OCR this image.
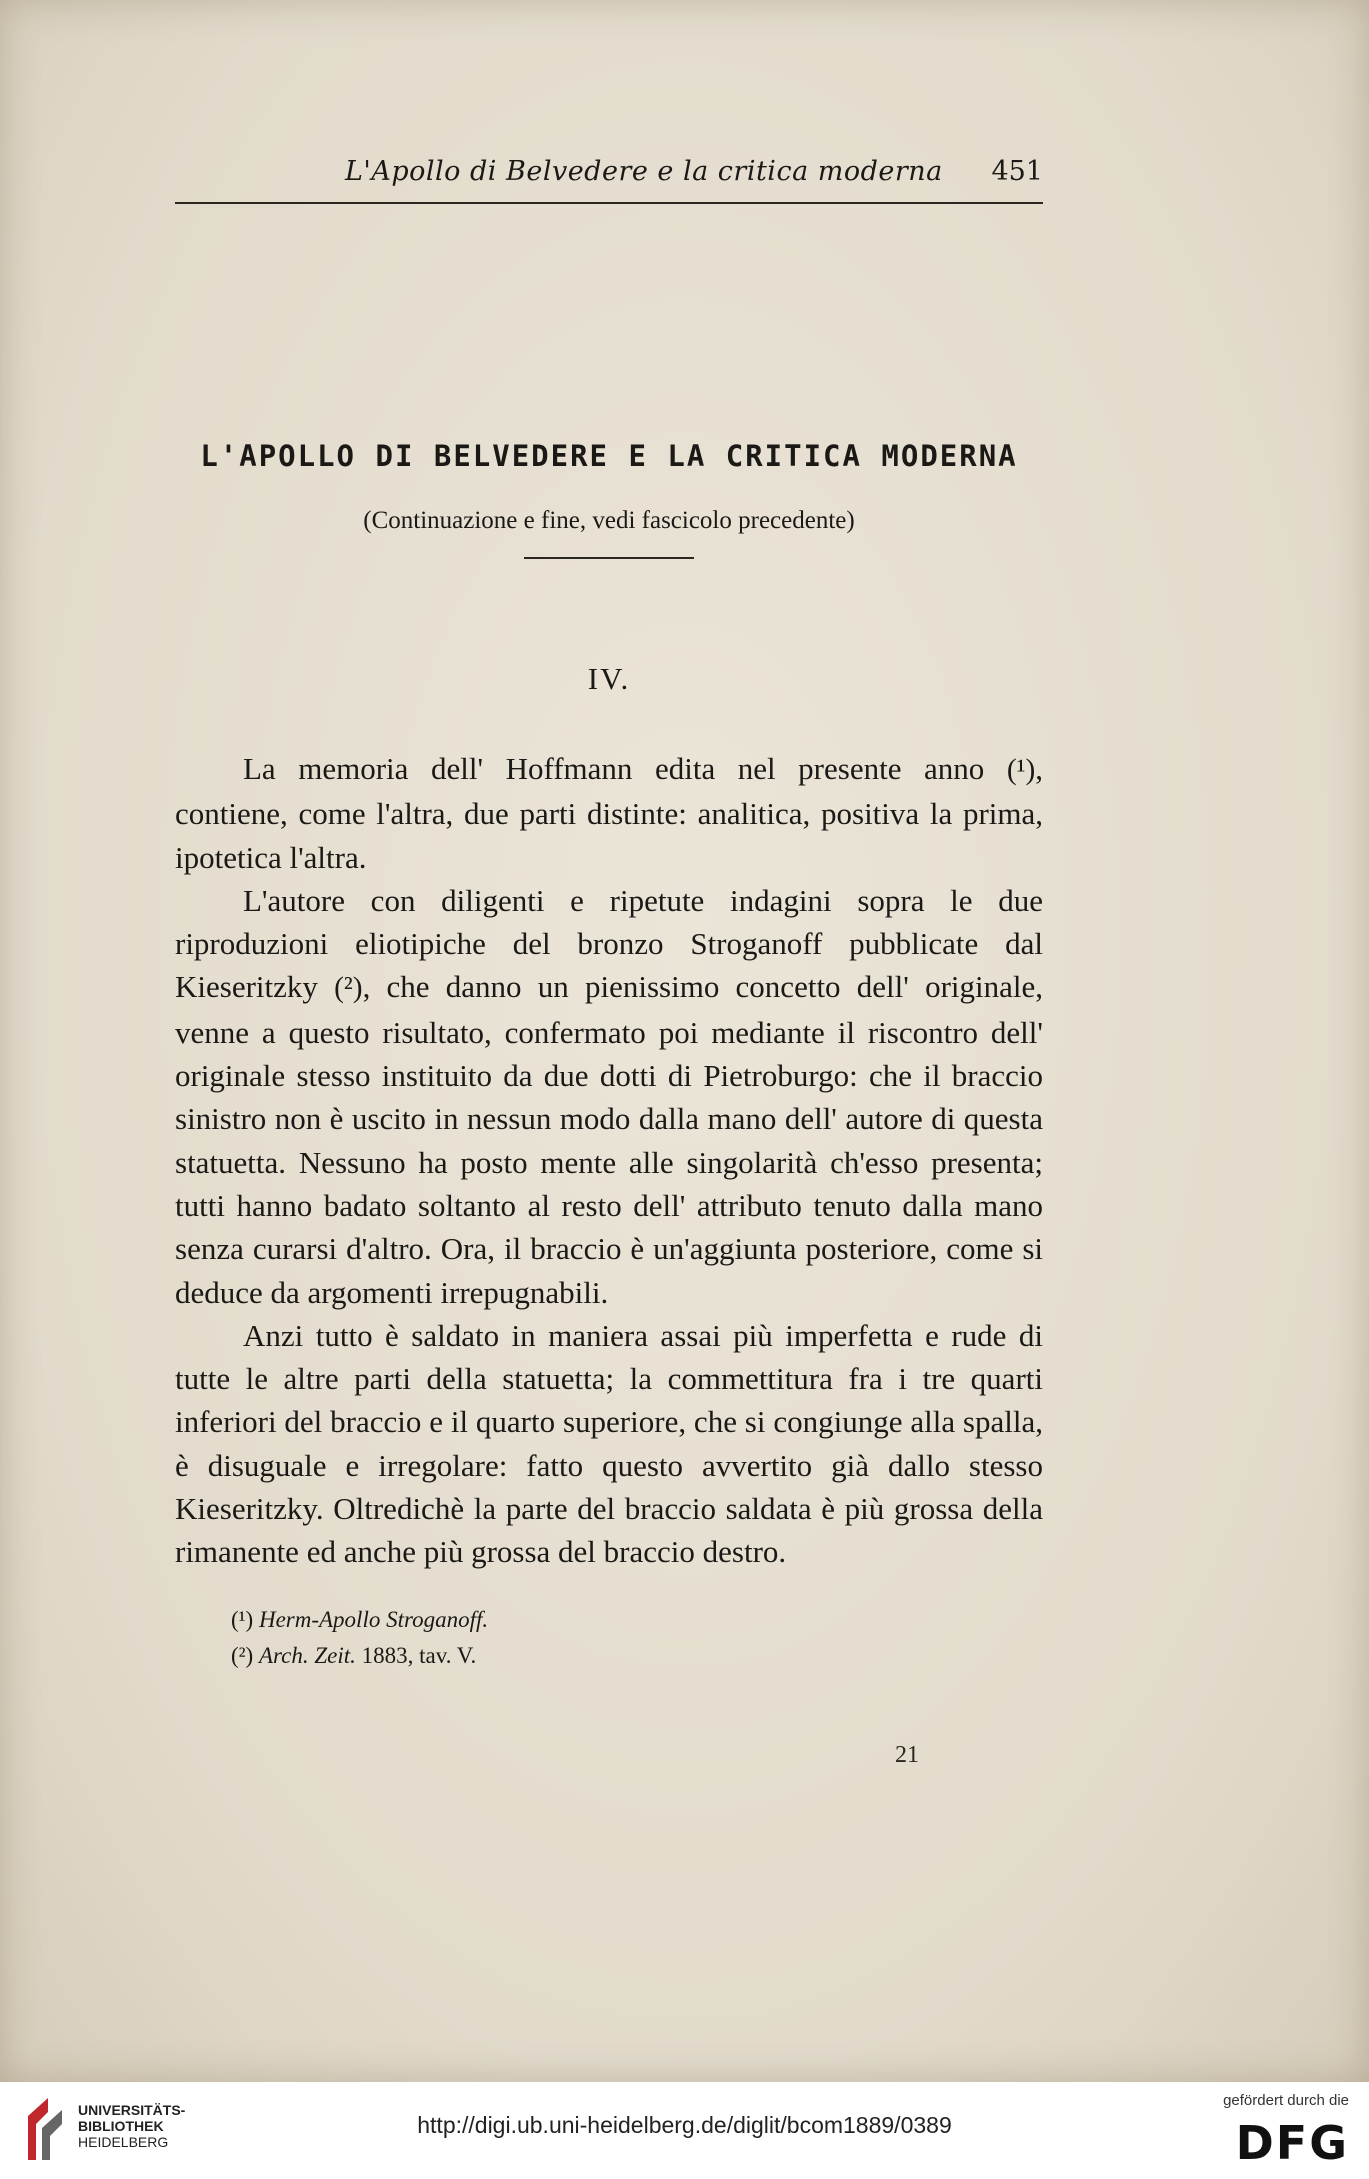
L'Apollo di Belvedere e la critica moderna 451
L'APOLLO DI BELVEDERE E LA CRITICA MODERNA
(Continuazione e fine, vedi fascicolo precedente)
IV.

La memoria dell' Hoffmann edita nel presente anno (¹), contiene, come l'altra, due parti distinte: analitica, positiva la prima, ipotetica l'altra.

L'autore con diligenti e ripetute indagini sopra le due riproduzioni eliotipiche del bronzo Stroganoff pubblicate dal Kieseritzky (²), che danno un pienissimo concetto dell' originale, venne a questo risultato, confermato poi mediante il riscontro dell' originale stesso instituito da due dotti di Pietroburgo: che il braccio sinistro non è uscito in nessun modo dalla mano dell' autore di questa statuetta. Nessuno ha posto mente alle singolarità ch'esso presenta; tutti hanno badato soltanto al resto dell' attributo tenuto dalla mano senza curarsi d'altro. Ora, il braccio è un'aggiunta posteriore, come si deduce da argomenti irrepugnabili.

Anzi tutto è saldato in maniera assai più imperfetta e rude di tutte le altre parti della statuetta; la commettitura fra i tre quarti inferiori del braccio e il quarto superiore, che si congiunge alla spalla, è disuguale e irregolare: fatto questo avvertito già dallo stesso Kieseritzky. Oltredichè la parte del braccio saldata è più grossa della rimanente ed anche più grossa del braccio destro.

(¹) Herm-Apollo Stroganoff.
(²) Arch. Zeit. 1883, tav. V.
21
UNIVERSITÄTS-
BIBLIOTHEK
HEIDELBERG
http://digi.ub.uni-heidelberg.de/diglit/bcom1889/0389
gefördert durch die
DFG
